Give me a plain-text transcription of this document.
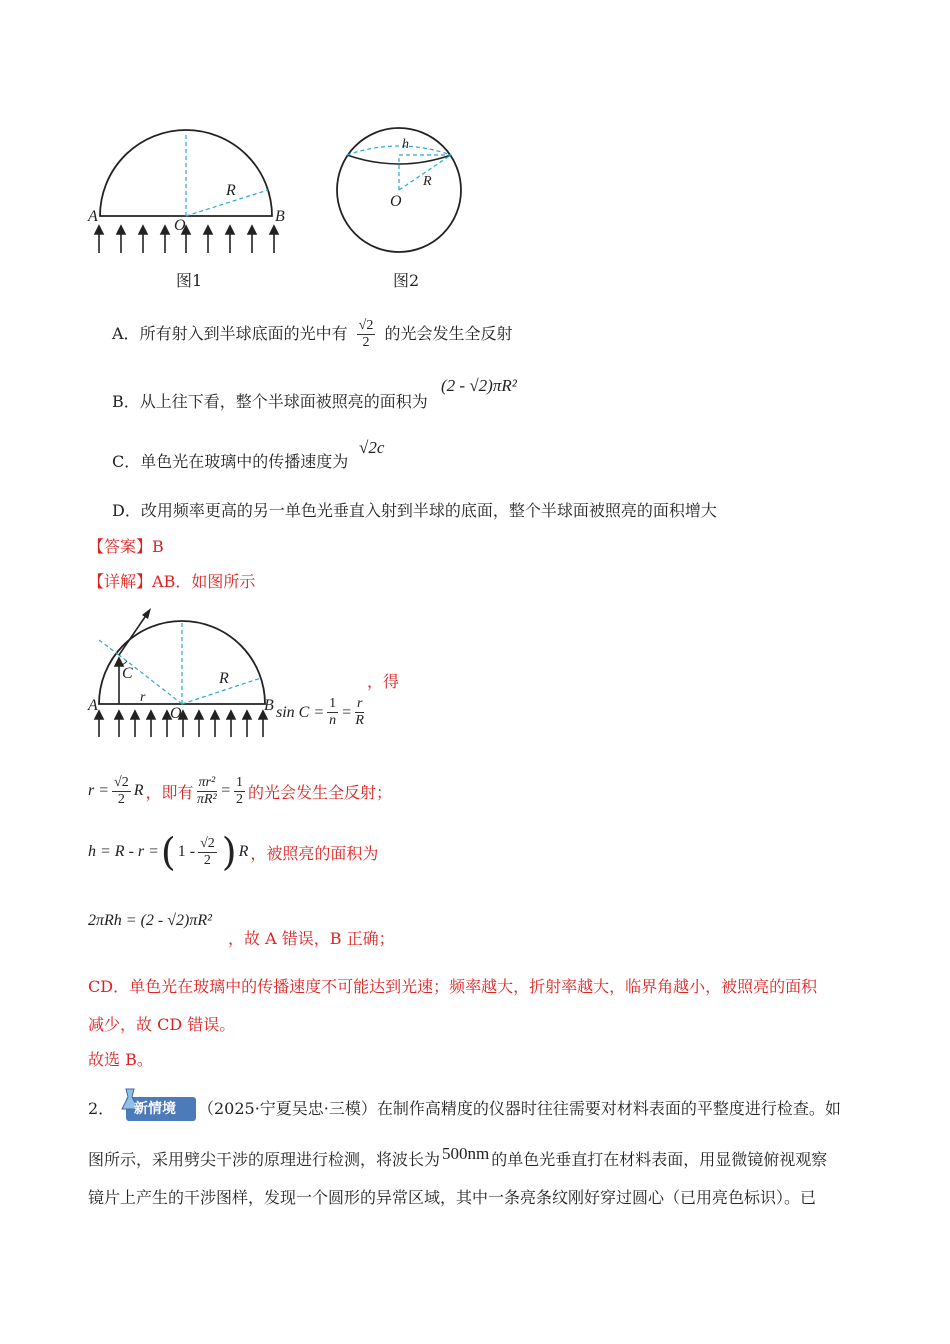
A	B
O
R
图1
h
R
O
图2
A．所有射入到半球底面的光中有 $\frac{√2}{2}$ 的光会发生全反射
B．从上往下看，整个半球面被照亮的面积为
(2 - √2)πR²
C．单色光在玻璃中的传播速度为
√2c
D．改用频率更高的另一单色光垂直入射到半球的底面，整个半球面被照亮的面积增大
【答案】B
【详解】AB．如图所示
A	B
O
R
C
r
$\sin C = \frac{1}{n} = \frac{r}{R}$
，得
$r = \frac{√2}{2}$ R ，即有 $\frac{\text{πr²}}{\text{πR²}} = \frac{1}{2}$ 的光会发生全反射；
h = R - r = ( $1 - \frac{√2}{2}$ ) R ，被照亮的面积为
2πRh = (2 - √2)πR²
，故 A 错误，B 正确；
CD．单色光在玻璃中的传播速度不可能达到光速；频率越大，折射率越大，临界角越小，被照亮的面积
减少，故 CD 错误。
故选 B。
2． 新情境 （2025·宁夏吴忠·三模）在制作高精度的仪器时往往需要对材料表面的平整度进行检查。如
图所示，采用劈尖干涉的原理进行检测，将波长为 500nm 的单色光垂直打在材料表面，用显微镜俯视观察
镜片上产生的干涉图样，发现一个圆形的异常区域，其中一条亮条纹刚好穿过圆心（已用亮色标识）。已
